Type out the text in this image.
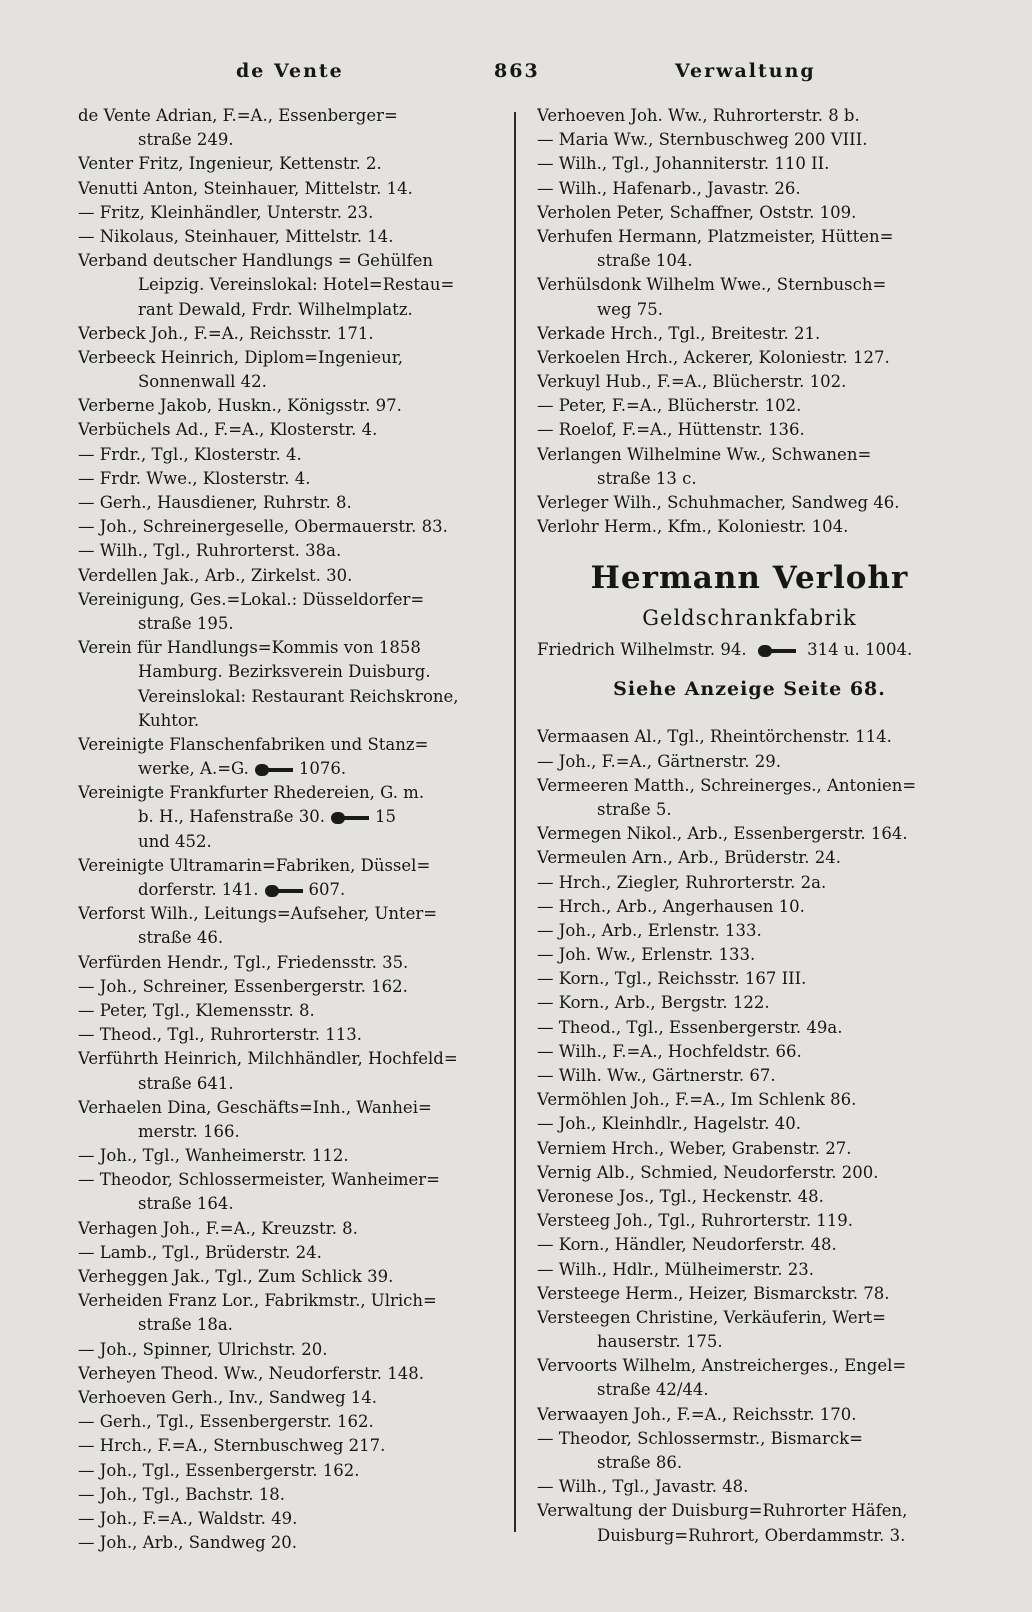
de Vente	863	Verwaltung
de Vente Adrian, F.=A., Essenberger=
straße 249.
Venter Fritz, Ingenieur, Kettenstr. 2.
Venutti Anton, Steinhauer, Mittelstr. 14.
— Fritz, Kleinhändler, Unterstr. 23.
— Nikolaus, Steinhauer, Mittelstr. 14.
Verband deutscher Handlungs = Gehülfen
Leipzig. Vereinslokal: Hotel=Restau=
rant Dewald, Frdr. Wilhelmplatz.
Verbeck Joh., F.=A., Reichsstr. 171.
Verbeeck Heinrich, Diplom=Ingenieur,
Sonnenwall 42.
Verberne Jakob, Huskn., Königsstr. 97.
Verbüchels Ad., F.=A., Klosterstr. 4.
— Frdr., Tgl., Klosterstr. 4.
— Frdr. Wwe., Klosterstr. 4.
— Gerh., Hausdiener, Ruhrstr. 8.
— Joh., Schreinergeselle, Obermauerstr. 83.
— Wilh., Tgl., Ruhrorterst. 38a.
Verdellen Jak., Arb., Zirkelst. 30.
Vereinigung, Ges.=Lokal.: Düsseldorfer=
straße 195.
Verein für Handlungs=Kommis von 1858
Hamburg. Bezirksverein Duisburg.
Vereinslokal: Restaurant Reichskrone,
Kuhtor.
Vereinigte Flanschenfabriken und Stanz=
werke, A.=G.	1076.
Vereinigte Frankfurter Rhedereien, G. m.
b. H., Hafenstraße 30.	15
und 452.
Vereinigte Ultramarin=Fabriken, Düssel=
dorferstr. 141.	607.
Verforst Wilh., Leitungs=Aufseher, Unter=
straße 46.
Verfürden Hendr., Tgl., Friedensstr. 35.
— Joh., Schreiner, Essenbergerstr. 162.
— Peter, Tgl., Klemensstr. 8.
— Theod., Tgl., Ruhrorterstr. 113.
Verführth Heinrich, Milchhändler, Hochfeld=
straße 641.
Verhaelen Dina, Geschäfts=Inh., Wanhei=
merstr. 166.
— Joh., Tgl., Wanheimerstr. 112.
— Theodor, Schlossermeister, Wanheimer=
straße 164.
Verhagen Joh., F.=A., Kreuzstr. 8.
— Lamb., Tgl., Brüderstr. 24.
Verheggen Jak., Tgl., Zum Schlick 39.
Verheiden Franz Lor., Fabrikmstr., Ulrich=
straße 18a.
— Joh., Spinner, Ulrichstr. 20.
Verheyen Theod. Ww., Neudorferstr. 148.
Verhoeven Gerh., Inv., Sandweg 14.
— Gerh., Tgl., Essenbergerstr. 162.
— Hrch., F.=A., Sternbuschweg 217.
— Joh., Tgl., Essenbergerstr. 162.
— Joh., Tgl., Bachstr. 18.
— Joh., F.=A., Waldstr. 49.
— Joh., Arb., Sandweg 20.
Verhoeven Joh. Ww., Ruhrorterstr. 8 b.
— Maria Ww., Sternbuschweg 200 VIII.
— Wilh., Tgl., Johanniterstr. 110 II.
— Wilh., Hafenarb., Javastr. 26.
Verholen Peter, Schaffner, Oststr. 109.
Verhufen Hermann, Platzmeister, Hütten=
straße 104.
Verhülsdonk Wilhelm Wwe., Sternbusch=
weg 75.
Verkade Hrch., Tgl., Breitestr. 21.
Verkoelen Hrch., Ackerer, Koloniestr. 127.
Verkuyl Hub., F.=A., Blücherstr. 102.
— Peter, F.=A., Blücherstr. 102.
— Roelof, F.=A., Hüttenstr. 136.
Verlangen Wilhelmine Ww., Schwanen=
straße 13 c.
Verleger Wilh., Schuhmacher, Sandweg 46.
Verlohr Herm., Kfm., Koloniestr. 104.
Hermann Verlohr
Geldschrankfabrik
Friedrich Wilhelmstr. 94.	314 u. 1004.
Siehe Anzeige Seite 68.
Vermaasen Al., Tgl., Rheintörchenstr. 114.
— Joh., F.=A., Gärtnerstr. 29.
Vermeeren Matth., Schreinerges., Antonien=
straße 5.
Vermegen Nikol., Arb., Essenbergerstr. 164.
Vermeulen Arn., Arb., Brüderstr. 24.
— Hrch., Ziegler, Ruhrorterstr. 2a.
— Hrch., Arb., Angerhausen 10.
— Joh., Arb., Erlenstr. 133.
— Joh. Ww., Erlenstr. 133.
— Korn., Tgl., Reichsstr. 167 III.
— Korn., Arb., Bergstr. 122.
— Theod., Tgl., Essenbergerstr. 49a.
— Wilh., F.=A., Hochfeldstr. 66.
— Wilh. Ww., Gärtnerstr. 67.
Vermöhlen Joh., F.=A., Im Schlenk 86.
— Joh., Kleinhdlr., Hagelstr. 40.
Verniem Hrch., Weber, Grabenstr. 27.
Vernig Alb., Schmied, Neudorferstr. 200.
Veronese Jos., Tgl., Heckenstr. 48.
Versteeg Joh., Tgl., Ruhrorterstr. 119.
— Korn., Händler, Neudorferstr. 48.
— Wilh., Hdlr., Mülheimerstr. 23.
Versteege Herm., Heizer, Bismarckstr. 78.
Versteegen Christine, Verkäuferin, Wert=
hauserstr. 175.
Vervoorts Wilhelm, Anstreicherges., Engel=
straße 42/44.
Verwaayen Joh., F.=A., Reichsstr. 170.
— Theodor, Schlossermstr., Bismarck=
straße 86.
— Wilh., Tgl., Javastr. 48.
Verwaltung der Duisburg=Ruhrorter Häfen,
Duisburg=Ruhrort, Oberdammstr. 3.
